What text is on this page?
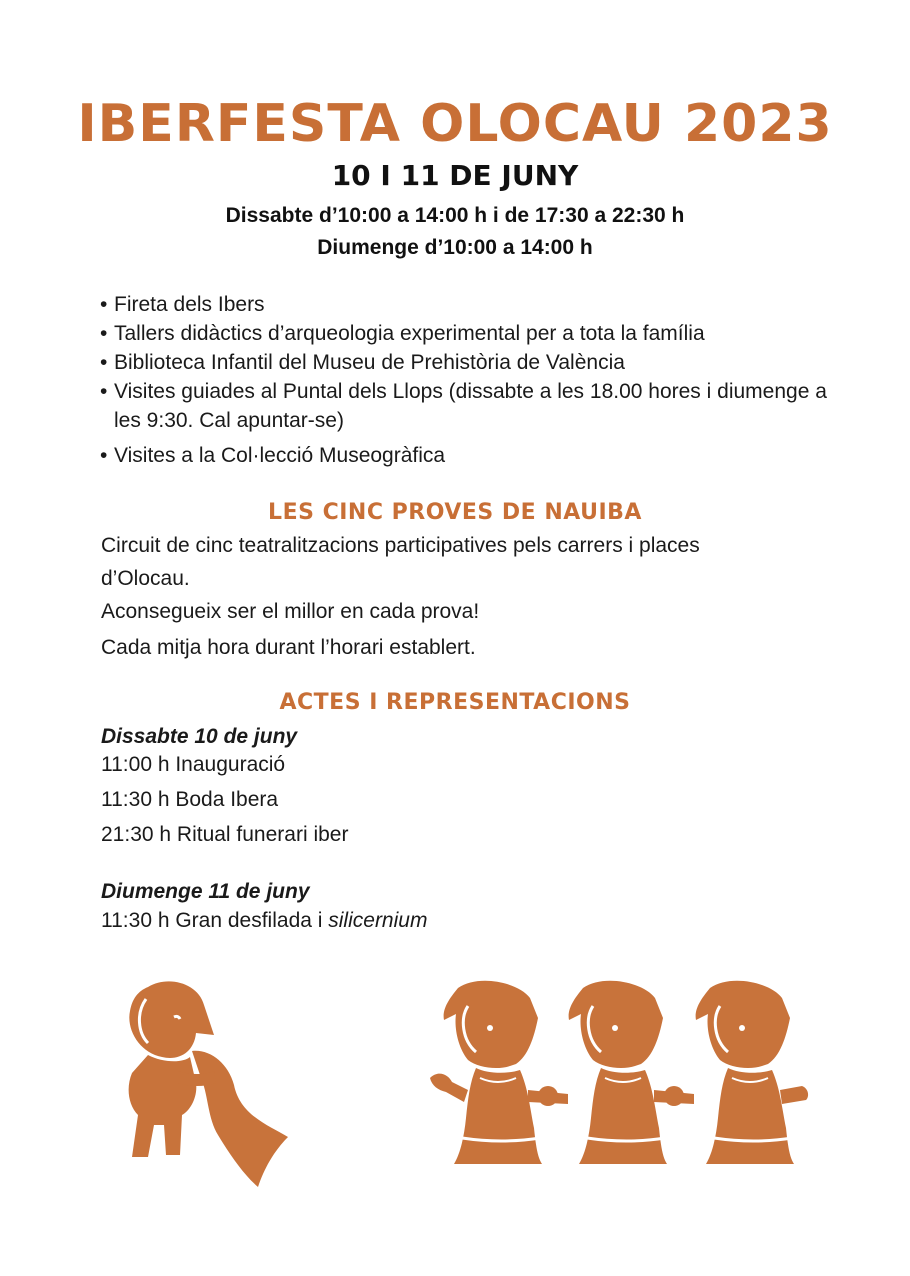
IBERFESTA OLOCAU 2023
10 I 11 DE JUNY
Dissabte d’10:00 a 14:00 h i de 17:30 a 22:30 h
Diumenge d’10:00 a 14:00 h
• Fireta dels Ibers
• Tallers didàctics d’arqueologia experimental per a tota la família
• Biblioteca Infantil del Museu de Prehistòria de València
• Visites guiades al Puntal dels Llops (dissabte a les 18.00 hores i diumenge a les 9:30. Cal apuntar-se)
• Visites a la Col·lecció Museogràfica
LES CINC PROVES DE NAUIBA
Circuit de cinc teatralitzacions participatives pels carrers i places
d’Olocau.
Aconsegueix ser el millor en cada prova!
Cada mitja hora durant l’horari establert.
ACTES I REPRESENTACIONS
Dissabte 10 de juny
11:00 h Inauguració
11:30 h Boda Ibera
21:30 h Ritual funerari iber
Diumenge 11 de juny
11:30 h Gran desfilada i silicernium
